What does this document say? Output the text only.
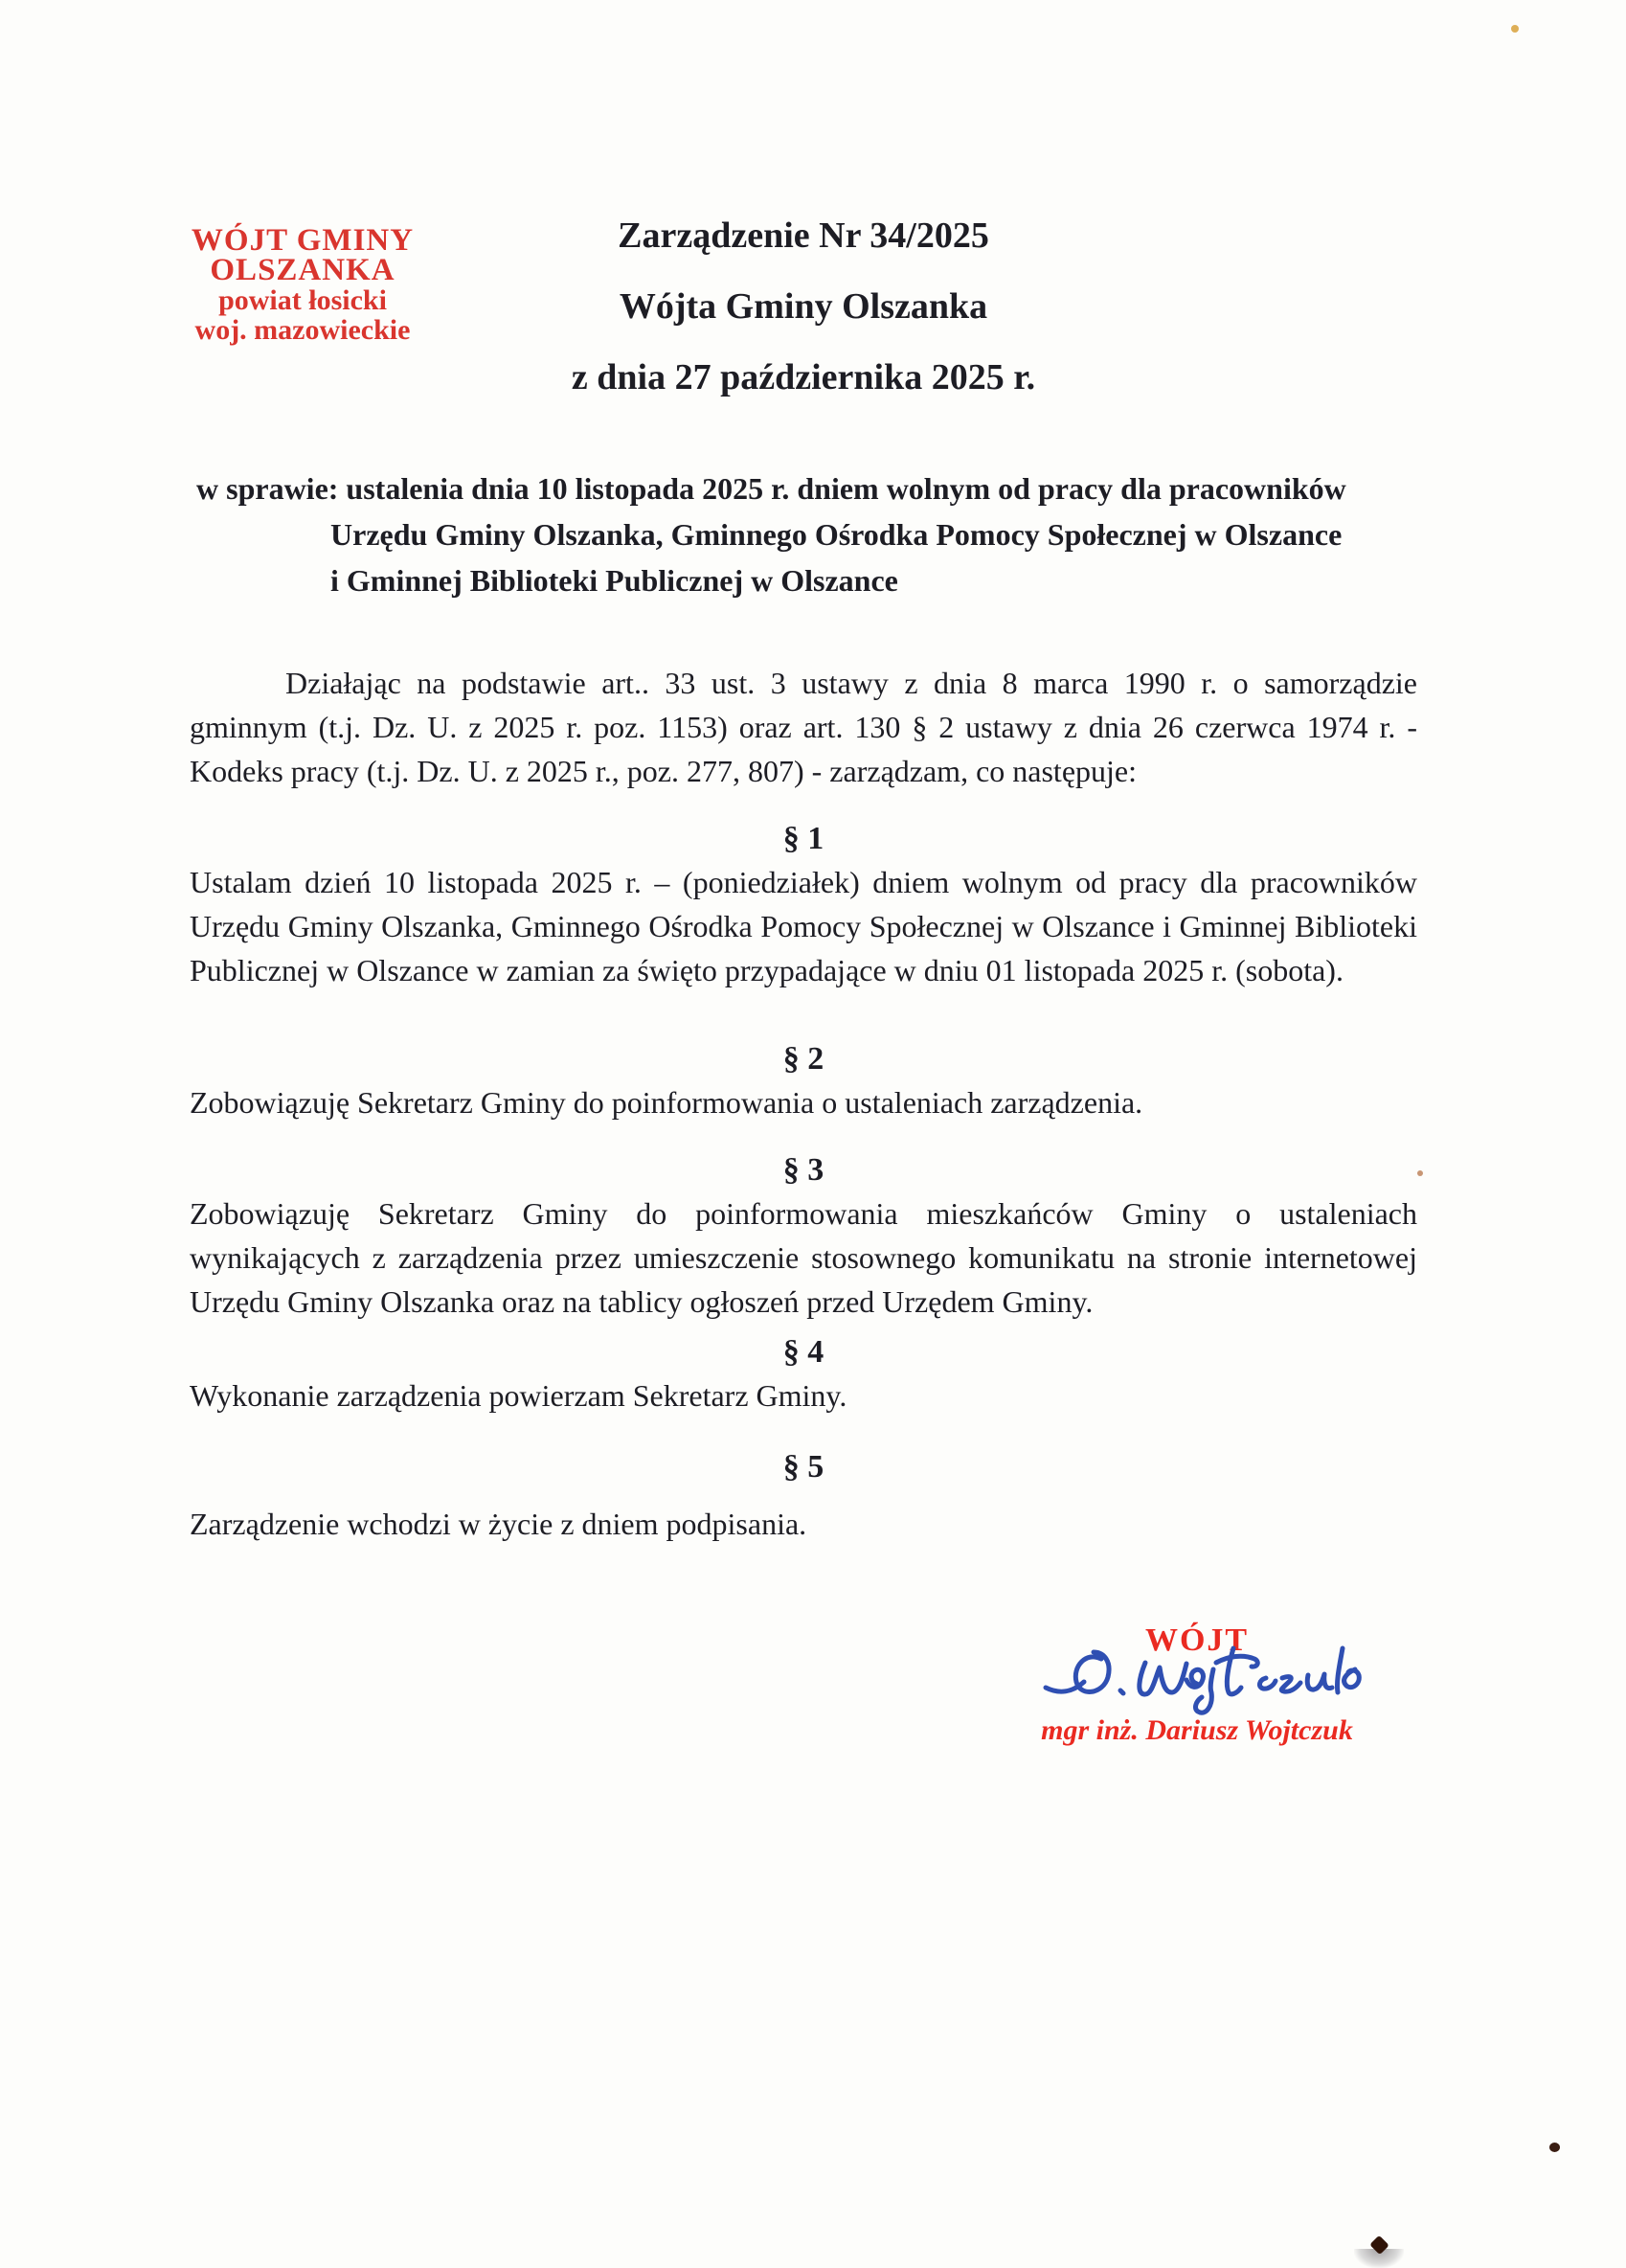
WÓJT GMINY
OLSZANKA
powiat łosicki
woj. mazowieckie
Zarządzenie Nr 34/2025
Wójta Gminy Olszanka
z dnia 27 października 2025 r.
w sprawie: ustalenia dnia 10 listopada 2025 r. dniem wolnym od pracy dla pracowników
Urzędu Gminy Olszanka, Gminnego Ośrodka Pomocy Społecznej w Olszance
i Gminnej Biblioteki Publicznej w Olszance
Działając na podstawie art.. 33 ust. 3 ustawy z dnia 8 marca 1990 r. o samorządzie gminnym (t.j. Dz. U. z 2025 r. poz. 1153) oraz art. 130 § 2 ustawy z dnia 26 czerwca 1974 r. - Kodeks pracy (t.j. Dz. U. z 2025 r., poz. 277, 807) - zarządzam, co następuje:
§ 1
Ustalam dzień 10 listopada 2025 r. – (poniedziałek) dniem wolnym od pracy dla pracowników Urzędu Gminy Olszanka, Gminnego Ośrodka Pomocy Społecznej w Olszance i Gminnej Biblioteki Publicznej w Olszance w zamian za święto przypadające w dniu 01 listopada 2025 r. (sobota).
§ 2
Zobowiązuję Sekretarz Gminy do poinformowania o ustaleniach zarządzenia.
§ 3
Zobowiązuję Sekretarz Gminy do poinformowania mieszkańców Gminy o ustaleniach wynikających z zarządzenia przez umieszczenie stosownego komunikatu na stronie internetowej Urzędu Gminy Olszanka oraz na tablicy ogłoszeń przed Urzędem Gminy.
§ 4
Wykonanie zarządzenia powierzam Sekretarz Gminy.
§ 5
Zarządzenie wchodzi w życie z dniem podpisania.
WÓJT
mgr inż. Dariusz Wojtczuk
